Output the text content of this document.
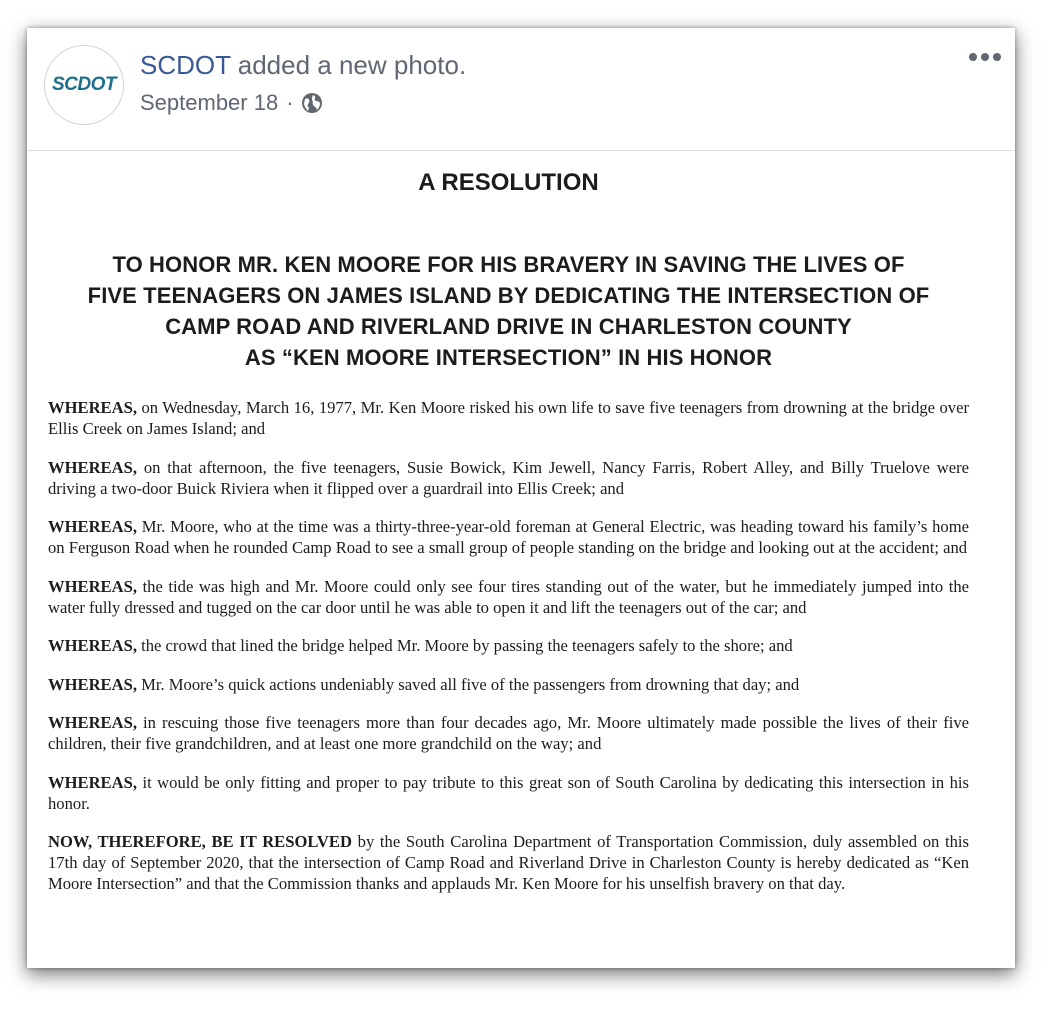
SCDOT
SCDOT added a new photo.
September 18 ·
A RESOLUTION
TO HONOR MR. KEN MOORE FOR HIS BRAVERY IN SAVING THE LIVES OF
FIVE TEENAGERS ON JAMES ISLAND BY DEDICATING THE INTERSECTION OF
CAMP ROAD AND RIVERLAND DRIVE IN CHARLESTON COUNTY
AS “KEN MOORE INTERSECTION” IN HIS HONOR

WHEREAS, on Wednesday, March 16, 1977, Mr. Ken Moore risked his own life to save five teenagers from drowning at the bridge over Ellis Creek on James Island; and

WHEREAS, on that afternoon, the five teenagers, Susie Bowick, Kim Jewell, Nancy Farris, Robert Alley, and Billy Truelove were driving a two-door Buick Riviera when it flipped over a guardrail into Ellis Creek; and

WHEREAS, Mr. Moore, who at the time was a thirty-three-year-old foreman at General Electric, was heading toward his family’s home on Ferguson Road when he rounded Camp Road to see a small group of people standing on the bridge and looking out at the accident; and

WHEREAS, the tide was high and Mr. Moore could only see four tires standing out of the water, but he immediately jumped into the water fully dressed and tugged on the car door until he was able to open it and lift the teenagers out of the car; and

WHEREAS, the crowd that lined the bridge helped Mr. Moore by passing the teenagers safely to the shore; and

WHEREAS, Mr. Moore’s quick actions undeniably saved all five of the passengers from drowning that day; and

WHEREAS, in rescuing those five teenagers more than four decades ago, Mr. Moore ultimately made possible the lives of their five children, their five grandchildren, and at least one more grandchild on the way; and

WHEREAS, it would be only fitting and proper to pay tribute to this great son of South Carolina by dedicating this intersection in his honor.

NOW, THEREFORE, BE IT RESOLVED by the South Carolina Department of Transportation Commission, duly assembled on this 17th day of September 2020, that the intersection of Camp Road and Riverland Drive in Charleston County is hereby dedicated as “Ken Moore Intersection” and that the Commission thanks and applauds Mr. Ken Moore for his unselfish bravery on that day.
